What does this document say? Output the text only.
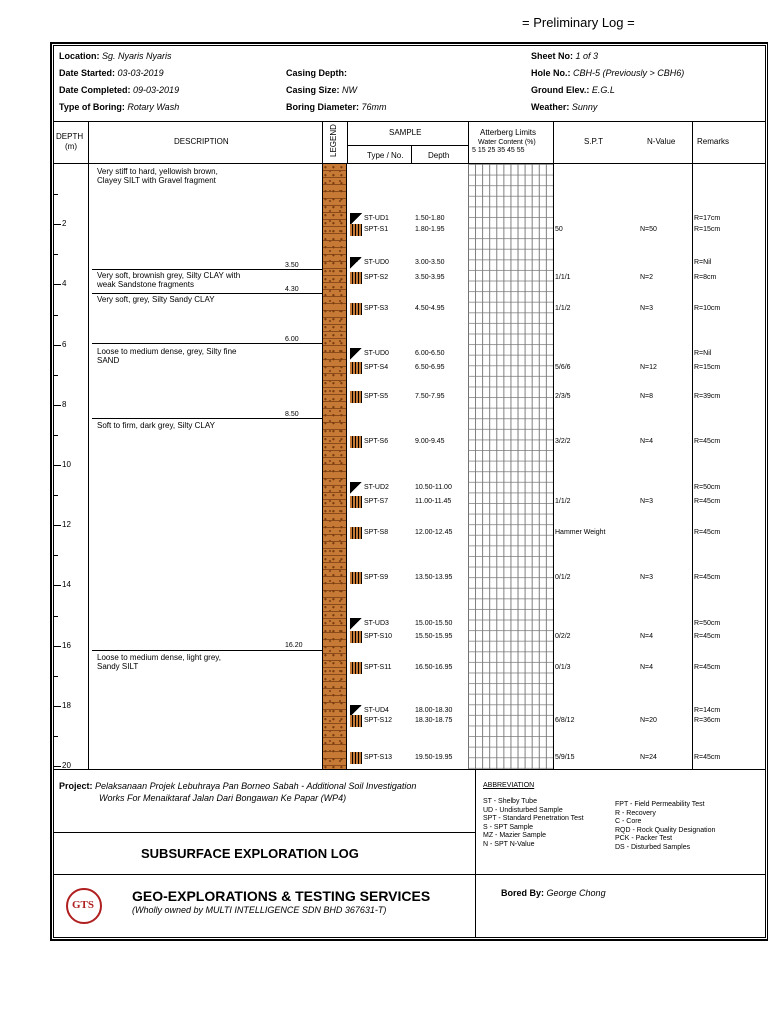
= Preliminary Log =
Location: Sg. Nyaris Nyaris
Date Started: 03-03-2019
Date Completed: 09-03-2019
Type of Boring: Rotary Wash
Casing Depth:
Casing Size: NW
Boring Diameter: 76mm
Sheet No: 1 of 3
Hole No.: CBH-5 (Previously > CBH6)
Ground Elev.: E.G.L
Weather: Sunny
DEPTH
(m)
DESCRIPTION	LEGEND	SAMPLE
Type / No.	Depth
Atterberg Limits
Water Content (%)
5 15 25 35 45 55
S.P.T	N-Value	Remarks
2
4
6
8
10
12
14
16
18
20
Very stiff to hard, yellowish brown,
Clayey SILT with Gravel fragment
3.50
Very soft, brownish grey, Silty CLAY with
weak Sandstone fragments
4.30
Very soft, grey, Silty Sandy CLAY
6.00
Loose to medium dense, grey, Silty fine
SAND
8.50
Soft to firm, dark grey, Silty CLAY
16.20
Loose to medium dense, light grey,
Sandy SILT
ST-UD1	1.50-1.80	R=17cm
SPT-S1	1.80-1.95	50	N=50	R=15cm
ST-UD0	3.00-3.50	R=Nil
SPT-S2	3.50-3.95	1/1/1	N=2	R=8cm
SPT-S3	4.50-4.95	1/1/2	N=3	R=10cm
ST-UD0	6.00-6.50	R=Nil
SPT-S4	6.50-6.95	5/6/6	N=12	R=15cm
SPT-S5	7.50-7.95	2/3/5	N=8	R=39cm
SPT-S6	9.00-9.45	3/2/2	N=4	R=45cm
ST-UD2	10.50-11.00	R=50cm
SPT-S7	11.00-11.45	1/1/2	N=3	R=45cm
SPT-S8	12.00-12.45	Hammer Weight	R=45cm
SPT-S9	13.50-13.95	0/1/2	N=3	R=45cm
ST-UD3	15.00-15.50	R=50cm
SPT-S10	15.50-15.95	0/2/2	N=4	R=45cm
SPT-S11	16.50-16.95	0/1/3	N=4	R=45cm
ST-UD4	18.00-18.30	R=14cm
SPT-S12	18.30-18.75	6/8/12	N=20	R=36cm
SPT-S13	19.50-19.95	5/9/15	N=24	R=45cm
Project: Pelaksanaan Projek Lebuhraya Pan Borneo Sabah - Additional Soil Investigation
Works For Menaiktaraf Jalan Dari Bongawan Ke Papar (WP4)
SUBSURFACE EXPLORATION LOG
GTS
GEO-EXPLORATIONS & TESTING SERVICES
(Wholly owned by MULTI INTELLIGENCE SDN BHD 367631-T)
Bored By: George Chong
ABBREVIATION
ST - Shelby Tube
UD - Undisturbed Sample
SPT - Standard Penetration Test
S - SPT Sample
MZ - Mazier Sample
N - SPT N-Value
FPT - Field Permeability Test
R - Recovery
C - Core
RQD - Rock Quality Designation
PCK - Packer Test
DS - Disturbed Samples
